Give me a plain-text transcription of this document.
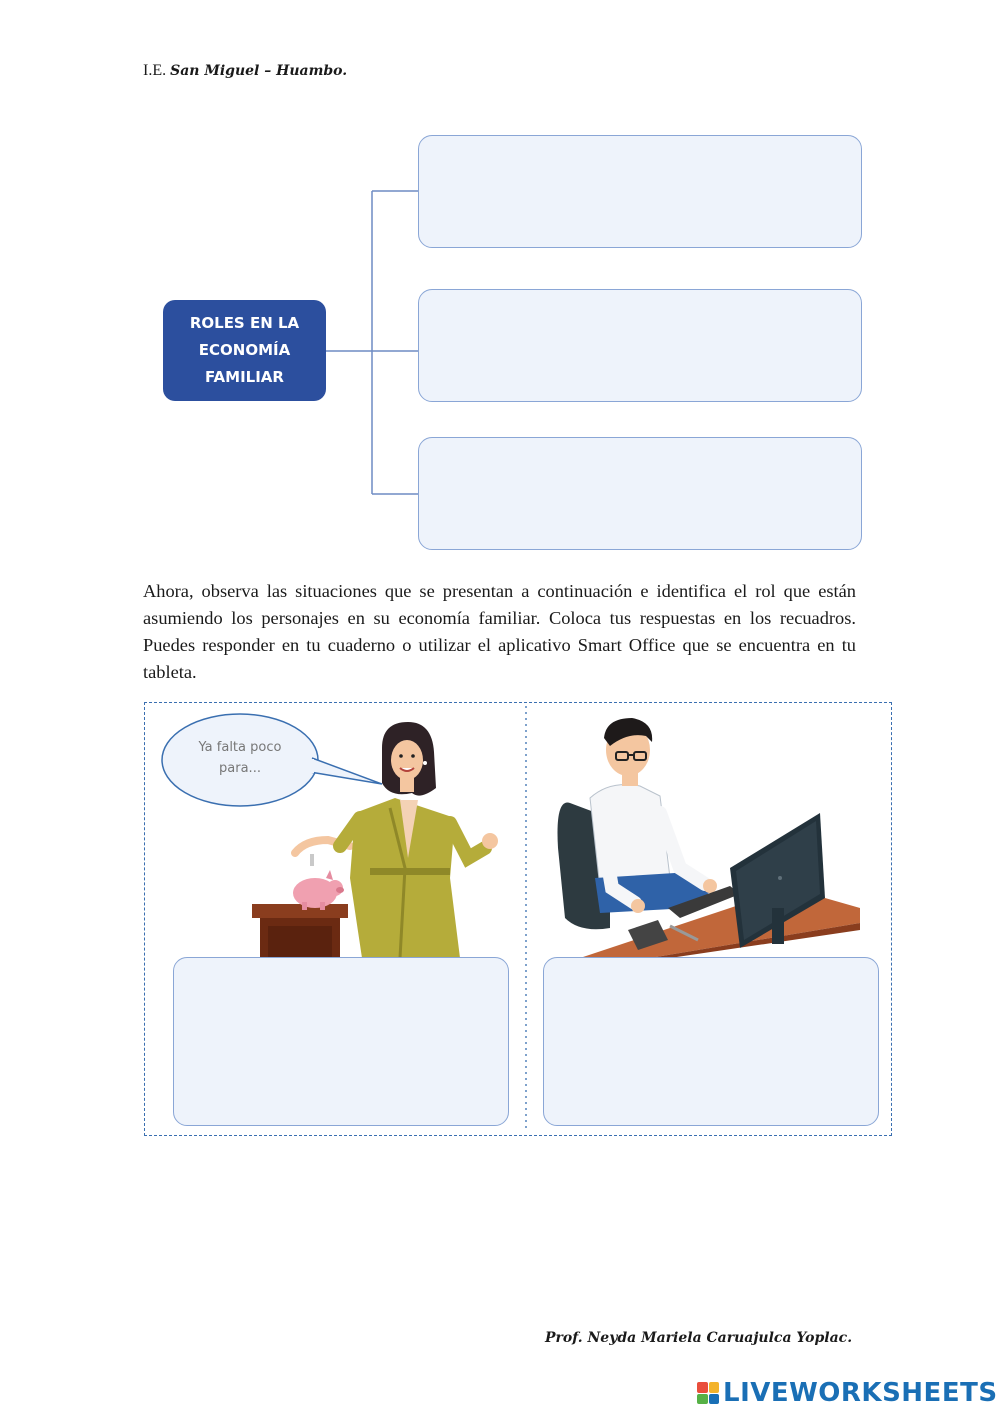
I.E. San Miguel – Huambo.
ROLES EN LA
ECONOMÍA
FAMILIAR
Ahora, observa las situaciones que se presentan a continuación e identifica el rol que están asumiendo los personajes en su economía familiar. Coloca tus respuestas en los recuadros. Puedes responder en tu cuaderno o utilizar el aplicativo Smart Office que se encuentra en tu tableta.
Ya falta poco
para...
Prof. Neyda Mariela Caruajulca Yoplac.
LIVEWORKSHEETS
